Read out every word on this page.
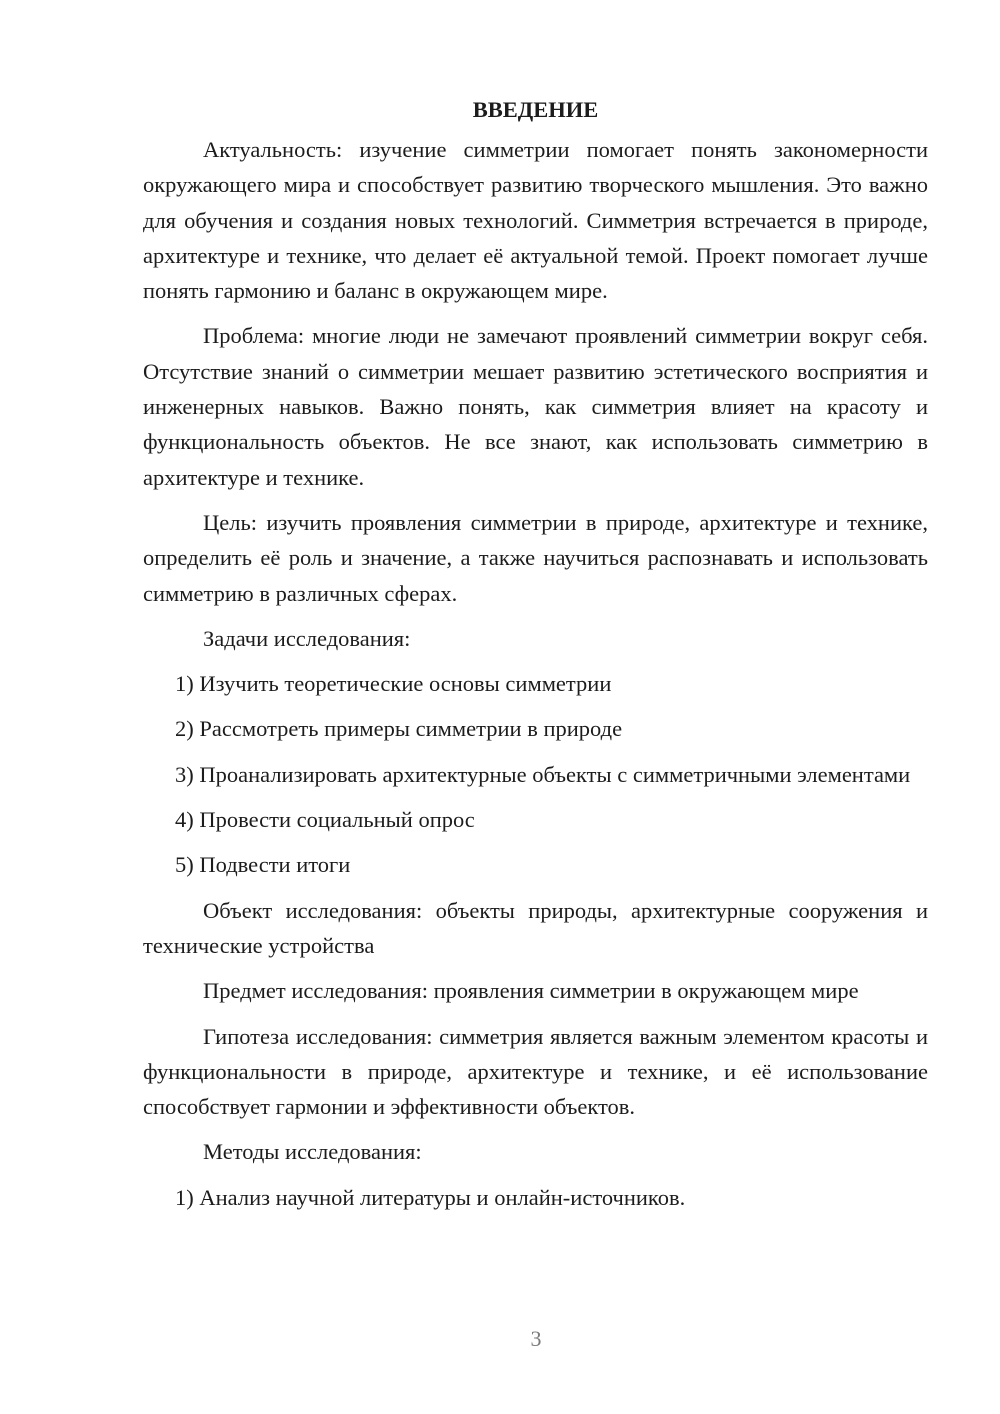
ВВЕДЕНИЕ

Актуальность: изучение симметрии помогает понять закономерности окружающего мира и способствует развитию творческого мышления. Это важно для обучения и создания новых технологий. Симметрия встречается в природе, архитектуре и технике, что делает её актуальной темой. Проект помогает лучше понять гармонию и баланс в окружающем мире.

Проблема: многие люди не замечают проявлений симметрии вокруг себя. Отсутствие знаний о симметрии мешает развитию эстетического восприятия и инженерных навыков. Важно понять, как симметрия влияет на красоту и функциональность объектов. Не все знают, как использовать симметрию в архитектуре и технике.

Цель: изучить проявления симметрии в природе, архитектуре и технике, определить её роль и значение, а также научиться распознавать и использовать симметрию в различных сферах.

Задачи исследования:

1) Изучить теоретические основы симметрии

2) Рассмотреть примеры симметрии в природе

3) Проанализировать архитектурные объекты с симметричными элементами

4) Провести социальный опрос

5) Подвести итоги

Объект исследования: объекты природы, архитектурные сооружения и технические устройства

Предмет исследования: проявления симметрии в окружающем мире

Гипотеза исследования: симметрия является важным элементом красоты и функциональности в природе, архитектуре и технике, и её использование способствует гармонии и эффективности объектов.

Методы исследования:

1) Анализ научной литературы и онлайн-источников.

3
